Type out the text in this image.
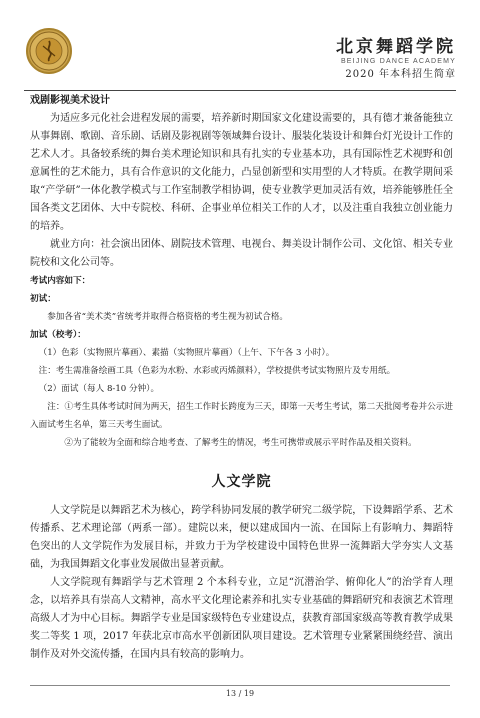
北京舞蹈学院
BEIJING DANCE ACADEMY
2020 年本科招生简章

戏剧影视美术设计

为适应多元化社会进程发展的需要，培养新时期国家文化建设需要的，具有德才兼备能独立从事舞剧、歌剧、音乐剧、话剧及影视剧等领域舞台设计、服装化装设计和舞台灯光设计工作的艺术人才。具备较系统的舞台美术理论知识和具有扎实的专业基本功，具有国际性艺术视野和创意属性的艺术能力，具有合作意识的文化能力，凸显创新型和实用型的人才特质。在教学期间采取“产学研”一体化教学模式与工作室制教学相协调，使专业教学更加灵活有效，培养能够胜任全国各类文艺团体、大中专院校、科研、企事业单位相关工作的人才，以及注重自我独立创业能力的培养。

就业方向：社会演出团体、剧院技术管理、电视台、舞美设计制作公司、文化馆、相关专业院校和文化公司等。

考试内容如下：

初试：

参加各省“美术类”省统考并取得合格资格的考生视为初试合格。

加试（校考）：

（1）色彩（实物照片摹画）、素描（实物照片摹画）（上午、下午各 3 小时）。

注：考生需准备绘画工具（色彩为水粉、水彩或丙烯颜料），学校提供考试实物照片及专用纸。

（2）面试（每人 8-10 分钟）。

注：①考生具体考试时间为两天，招生工作时长跨度为三天，即第一天考生考试，第二天批阅考卷并公示进入面试考生名单，第三天考生面试。

②为了能较为全面和综合地考查、了解考生的情况，考生可携带或展示平时作品及相关资料。

人文学院

人文学院是以舞蹈艺术为核心，跨学科协同发展的教学研究二级学院，下设舞蹈学系、艺术传播系、艺术理论部（两系一部）。建院以来，便以建成国内一流、在国际上有影响力、舞蹈特色突出的人文学院作为发展目标，并致力于为学校建设中国特色世界一流舞蹈大学夯实人文基础，为我国舞蹈文化事业发展做出显著贡献。

人文学院现有舞蹈学与艺术管理 2 个本科专业，立足“沉潜治学、俯仰化人”的治学育人理念，以培养具有崇高人文精神，高水平文化理论素养和扎实专业基础的舞蹈研究和表演艺术管理高级人才为中心目标。舞蹈学专业是国家级特色专业建设点，获教育部国家级高等教育教学成果奖二等奖 1 项，2017 年获北京市高水平创新团队项目建设。艺术管理专业紧紧围绕经营、演出制作及对外交流传播，在国内具有较高的影响力。

13 / 19
